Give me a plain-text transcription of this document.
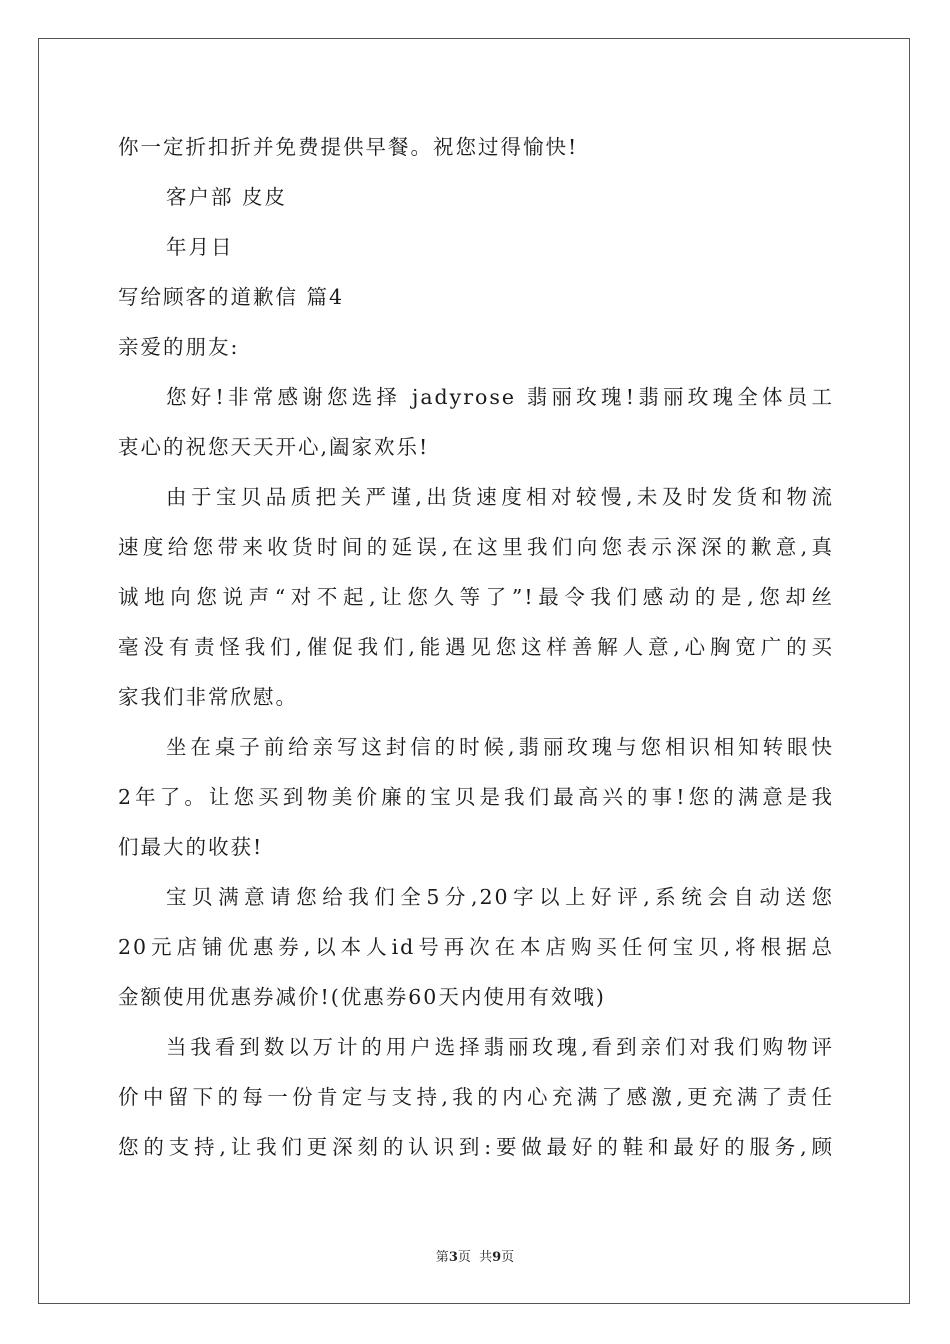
你一定折扣折并免费提供早餐。祝您过得愉快!
客户部 皮皮
年月日
写给顾客的道歉信 篇4
亲爱的朋友:
您好!非常感谢您选择 jadyrose 翡丽玫瑰!翡丽玫瑰全体员工
衷心的祝您天天开心,阖家欢乐!
由于宝贝品质把关严谨,出货速度相对较慢,未及时发货和物流
速度给您带来收货时间的延误,在这里我们向您表示深深的歉意,真
诚地向您说声“对不起,让您久等了”!最令我们感动的是,您却丝
毫没有责怪我们,催促我们,能遇见您这样善解人意,心胸宽广的买
家我们非常欣慰。
坐在桌子前给亲写这封信的时候,翡丽玫瑰与您相识相知转眼快
2年了。让您买到物美价廉的宝贝是我们最高兴的事!您的满意是我
们最大的收获!
宝贝满意请您给我们全5分,20字以上好评,系统会自动送您
20元店铺优惠券,以本人id号再次在本店购买任何宝贝,将根据总
金额使用优惠券减价!(优惠券60天内使用有效哦)
当我看到数以万计的用户选择翡丽玫瑰,看到亲们对我们购物评
价中留下的每一份肯定与支持,我的内心充满了感激,更充满了责任
您的支持,让我们更深刻的认识到:要做最好的鞋和最好的服务,顾
第3页  共9页
